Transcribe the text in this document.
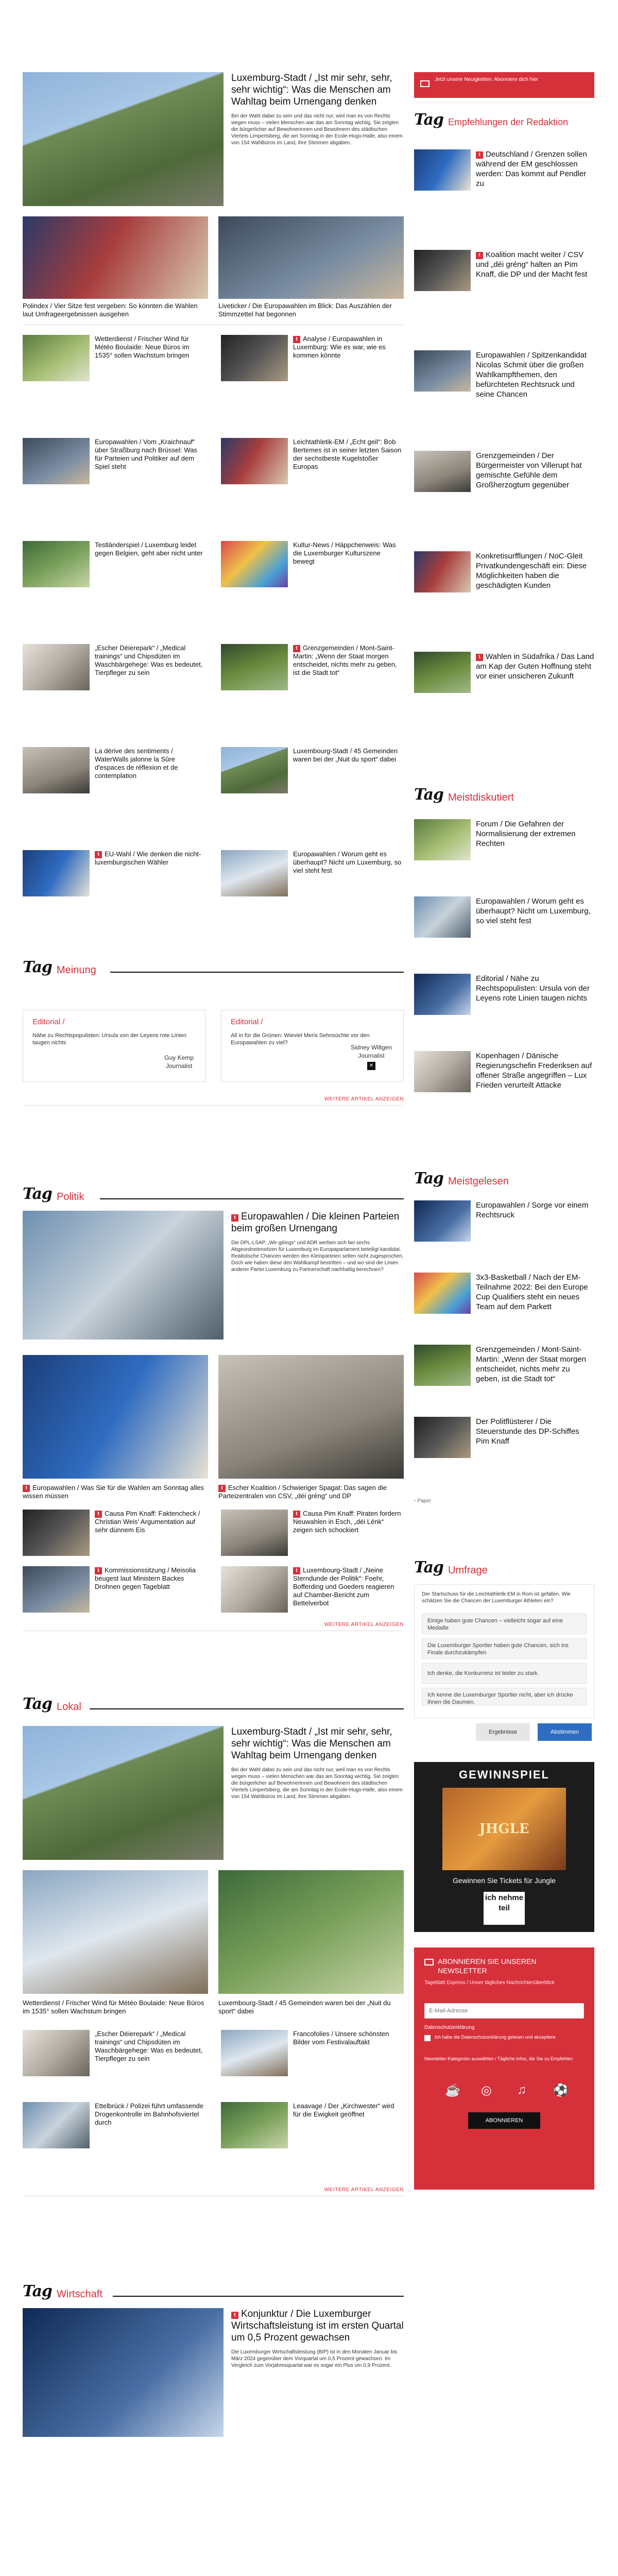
Luxemburg-Stadt / „Ist mir sehr, sehr, sehr wichtig“: Was die Menschen am Wahltag beim Urnengang denken
Bei der Wahl dabei zu sein und das nicht nur, weil man es von Rechts wegen muss – vielen Menschen war das am Sonntag wichtig. Sie zeigten die bürgerlicher auf Bewohnerinnen und Bewohnern des städtischen Viertels Limpertsberg, die am Sonntag in der Ecole-Hugo-Halle, also einem von 154 Wahlbüros im Land, ihre Stimmen abgaben.
Polindex / Vier Sitze fest vergeben: So könnten die Wahlen laut Umfrageergebnissen ausgehen
Liveticker / Die Europawahlen im Blick: Das Auszählen der Stimmzettel hat begonnen
Wetterdienst / Frischer Wind für Météo Boulaide: Neue Büros im 1535° sollen Wachstum bringen
t Analyse / Europawahlen in Luxemburg: Wie es war, wie es kommen könnte
Europawahlen / Vom „Kraichnauf“ über Straßburg nach Brüssel: Was für Parteien und Politiker auf dem Spiel steht
Leichtathletik-EM / „Echt geil“: Bob Bertemes ist in seiner letzten Saison der sechstbeste Kugelstoßer Europas
Testländerspiel / Luxemburg leidet gegen Belgien, geht aber nicht unter
Kultur-News / Häppchenweis: Was die Luxemburger Kulturszene bewegt
„Escher Déierepark“ / „Medical trainings“ und Chipsdüten im Waschbärgehege: Was es bedeutet, Tierpfleger zu sein
t Grenzgemeinden / Mont-Saint-Martin: „Wenn der Staat morgen entscheidet, nichts mehr zu geben, ist die Stadt tot“
La dérive des sentiments / WaterWalls jalonne la Sûre d'espaces de réflexion et de contemplation
Luxembourg-Stadt / 45 Gemeinden waren bei der „Nuit du sport“ dabei
t EU-Wahl / Wie denken die nicht-luxemburgischen Wähler
Europawahlen / Worum geht es überhaupt? Nicht um Luxemburg, so viel steht fest
Tag Meinung
Editorial /
Nähe zu Rechtspopulisten: Ursula von der Leyens rote Linien taugen nichts
Guy Kemp
Journalist
Editorial /
All in für die Grünen: Wieviel Meris Sehnsüchte vor den Europawahlen zu viel?
Sidney Wiltgen
Journalist
✕
WEITERE ARTIKEL ANZEIGEN
Tag Politik
t Europawahlen / Die kleinen Parteien beim großen Urnengang
Die DPL-LSAP, „Wir-géings“ und ADR werben sich bei sechs Abgeordnetensitzen für Luxemburg im Europaparlament beteiligt kandidat. Realistische Chancen werden den Kleinparteien selten nicht zugesprochen. Doch wie haben diese den Wahlkampf bestritten – und wo sind die Linien anderer Partei Luxemburg zu Partnerschaft nachhaltig berechnen?
t Europawahlen / Was Sie für die Wahlen am Sonntag alles wissen müssen
t Escher Koalition / Schwieriger Spagat: Das sagen die Parteizentralen von CSV, „déi gréng“ und DP
t Causa Pim Knaff: Faktencheck / Christian Weis' Argumentation auf sehr dünnem Eis
t Causa Pim Knaff: Piraten fordern Neuwahlen in Esch, „déi Lénk“ zeigen sich schockiert
t Kommissionssitzung / Meisolia beugest laut Ministern Backes Drohnen gegen Tageblatt
t Luxembourg-Stadt / „Neine Sterndunde der Politik“: Foehr, Bofferding und Goeders reagieren auf Chamber-Bericht zum Bettelverbot
WEITERE ARTIKEL ANZEIGEN
Tag Lokal
Luxemburg-Stadt / „Ist mir sehr, sehr, sehr wichtig“: Was die Menschen am Wahltag beim Urnengang denken
Bei der Wahl dabei zu sein und das nicht nur, weil man es von Rechts wegen muss – vielen Menschen war das am Sonntag wichtig. Sie zeigten die bürgerlicher auf Bewohnerinnen und Bewohnern des städtischen Viertels Limpertsberg, die am Sonntag in der Ecole-Hugo-Halle, also einem von 154 Wahlbüros im Land, ihre Stimmen abgaben.
Wetterdienst / Frischer Wind für Météo Boulaide: Neue Büros im 1535° sollen Wachstum bringen
Luxembourg-Stadt / 45 Gemeinden waren bei der „Nuit du sport“ dabei
„Escher Déierepark“ / „Medical trainings“ und Chipsdüten im Waschbärgehege: Was es bedeutet, Tierpfleger zu sein
Francofolies / Unsere schönsten Bilder vom Festivalauftakt
Ettelbrück / Polizei führt umfassende Drogenkontrolle im Bahnhofsviertel durch
Leaavage / Der „Kirchwester“ wird für die Ewigkeit geöffnet
WEITERE ARTIKEL ANZEIGEN
Tag Wirtschaft
t Konjunktur / Die Luxemburger Wirtschaftsleistung ist im ersten Quartal um 0,5 Prozent gewachsen
Die Luxemburger Wirtschaftsleistung (BIP) ist in den Monaten Januar bis März 2024 gegenüber dem Vorquartal um 0,5 Prozent gewachsen. Im Vergleich zum Vorjahresquartal war es sogar ein Plus um 0,9 Prozent.
Jetzt unsere Neuigkeiten: Abonniere dich hier
Tag Empfehlungen der Redaktion
t Deutschland / Grenzen sollen während der EM geschlossen werden: Das kommt auf Pendler zu
t Koalition macht weiter / CSV und „déi gréng“ halten an Pim Knaff, die DP und der Macht fest
Europawahlen / Spitzenkandidat Nicolas Schmit über die großen Wahlkampfthemen, den befürchteten Rechtsruck und seine Chancen
Grenzgemeinden / Der Bürgermeister von Villerupt hat gemischte Gefühle dem Großherzogtum gegenüber
Konkretisurfflungen / NoC-Gleit Privatkundengeschäft ein: Diese Möglichkeiten haben die geschädigten Kunden
t Wahlen in Südafrika / Das Land am Kap der Guten Hoffnung steht vor einer unsicheren Zukunft
Tag Meistdiskutiert
Forum / Die Gefahren der Normalisierung der extremen Rechten
Europawahlen / Worum geht es überhaupt? Nicht um Luxemburg, so viel steht fest
Editorial / Nähe zu Rechtspopulisten: Ursula von der Leyens rote Linien taugen nichts
Kopenhagen / Dänische Regierungschefin Frederiksen auf offener Straße angegriffen – Lux Frieden verurteilt Attacke
Tag Meistgelesen
Europawahlen / Sorge vor einem Rechtsruck
3x3-Basketball / Nach der EM-Teilnahme 2022: Bei den Europe Cup Qualifiers steht ein neues Team auf dem Parkett
Grenzgemeinden / Mont-Saint-Martin: „Wenn der Staat morgen entscheidet, nichts mehr zu geben, ist die Stadt tot“
Der Politflüsterer / Die Steuerstunde des DP-Schiffes Pim Knaff
▫ Paper
Tag Umfrage
Der Startschuss für die Leichtathletik-EM in Rom ist gefallen. Wie schätzen Sie die Chancen der Luxemburger Athleten ein?
Einige haben gute Chancen – vielleicht sogar auf eine Medaille
Die Luxemburger Sportler haben gute Chancen, sich ins Finale durchzukämpfen
Ich denke, die Konkurrenz ist leider zu stark.
Ich kenne die Luxemburger Sportler nicht, aber ich drücke ihnen die Daumen.
Ergebnisse	Abstimmen
GEWINNSPIEL
JHGLE
Gewinnen Sie Tickets für Jungle
ich nehme teil
ABONNIEREN SIE UNSEREN NEWSLETTER
Tageblatt Express / Unser tägliches Nachrichtenüberblick
E-Mail-Adresse
Datenschutzerklärung
Ich habe die Datenschutzerklärung gelesen und akzeptiere
Newsletter-Kategorien auswählen / Tägliche Infos, die Sie zu Empfehlen
☕ ◎ ♫ ⚽
ABONNIEREN
